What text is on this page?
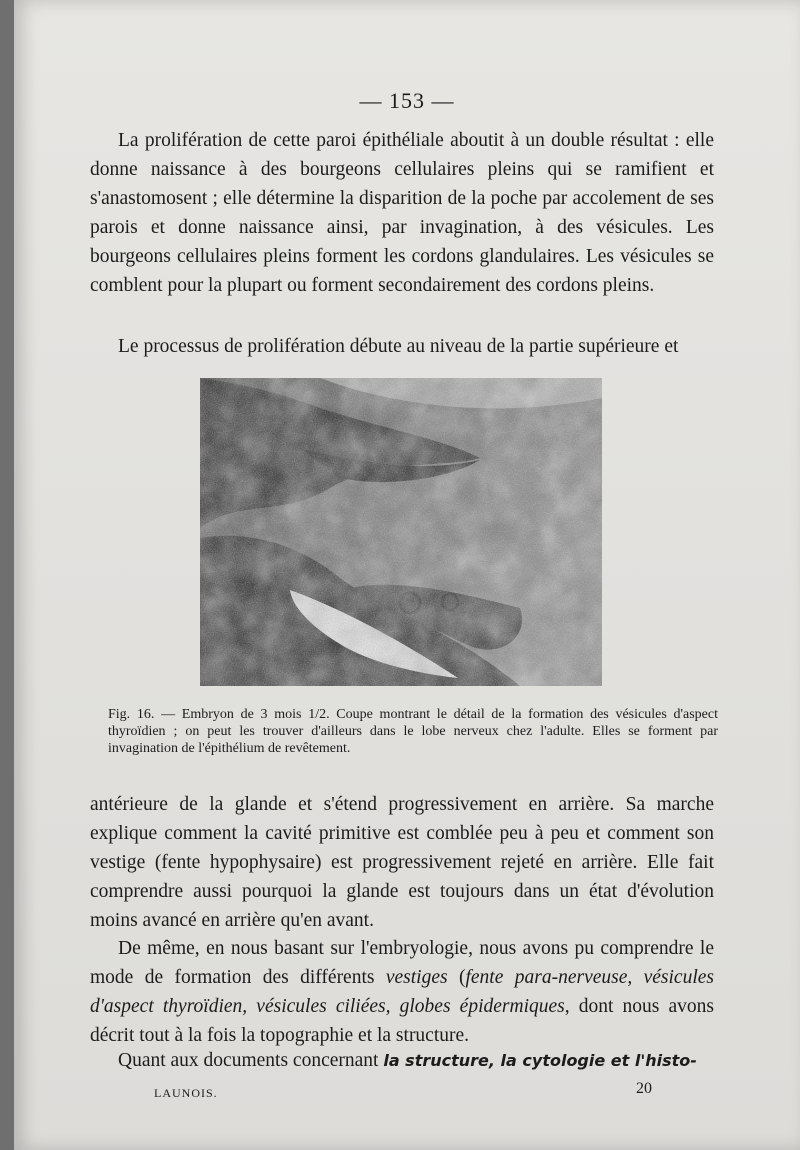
— 153 —

La prolifération de cette paroi épithéliale aboutit à un double résultat : elle donne naissance à des bourgeons cellulaires pleins qui se ramifient et s'anastomosent ; elle détermine la disparition de la poche par accolement de ses parois et donne naissance ainsi, par invagination, à des vésicules. Les bourgeons cellulaires pleins forment les cordons glandulaires. Les vésicules se comblent pour la plupart ou forment secondairement des cordons pleins.

Le processus de prolifération débute au niveau de la partie supérieure et

Fig. 16. — Embryon de 3 mois 1/2. Coupe montrant le détail de la formation des vésicules d'aspect thyroïdien ; on peut les trouver d'ailleurs dans le lobe nerveux chez l'adulte. Elles se forment par invagination de l'épithélium de revêtement.

antérieure de la glande et s'étend progressivement en arrière. Sa marche explique comment la cavité primitive est comblée peu à peu et comment son vestige (fente hypophysaire) est progressivement rejeté en arrière. Elle fait comprendre aussi pourquoi la glande est toujours dans un état d'évolution moins avancé en arrière qu'en avant.

De même, en nous basant sur l'embryologie, nous avons pu comprendre le mode de formation des différents vestiges (fente para-nerveuse, vésicules d'aspect thyroïdien, vésicules ciliées, globes épidermiques, dont nous avons décrit tout à la fois la topographie et la structure.

Quant aux documents concernant la structure, la cytologie et l'histo-

LAUNOIS.	20
